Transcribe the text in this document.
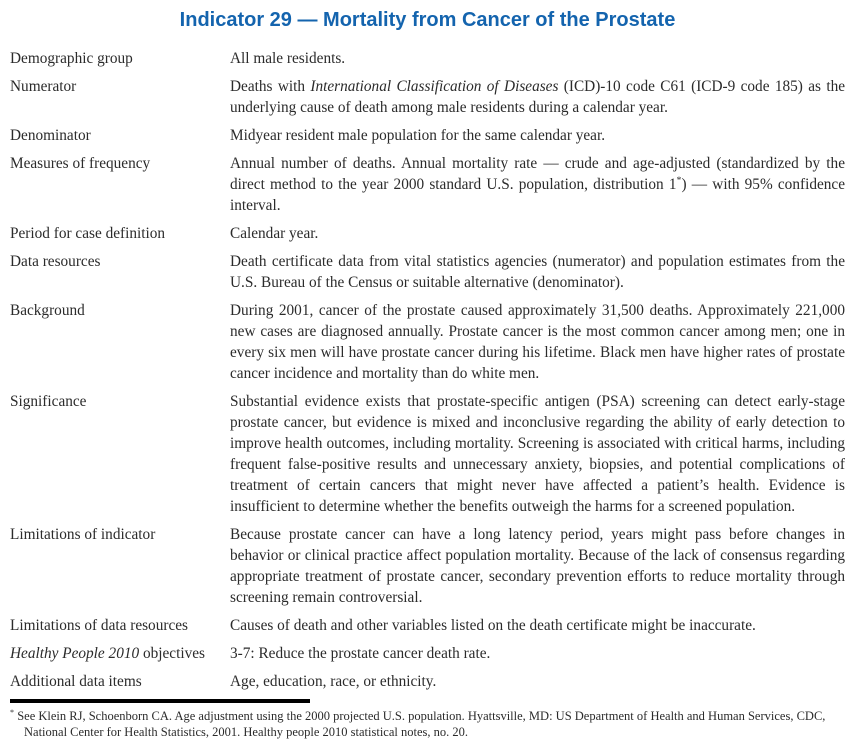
Indicator 29 — Mortality from Cancer of the Prostate
Demographic group	All male residents.
Numerator	Deaths with International Classification of Diseases (ICD)-10 code C61 (ICD-9 code 185) as the underlying cause of death among male residents during a calendar year.
Denominator	Midyear resident male population for the same calendar year.
Measures of frequency	Annual number of deaths. Annual mortality rate — crude and age-adjusted (standardized by the direct method to the year 2000 standard U.S. population, distribution 1*) — with 95% confidence interval.
Period for case definition	Calendar year.
Data resources	Death certificate data from vital statistics agencies (numerator) and population estimates from the U.S. Bureau of the Census or suitable alternative (denominator).
Background	During 2001, cancer of the prostate caused approximately 31,500 deaths. Approximately 221,000 new cases are diagnosed annually. Prostate cancer is the most common cancer among men; one in every six men will have prostate cancer during his lifetime. Black men have higher rates of prostate cancer incidence and mortality than do white men.
Significance	Substantial evidence exists that prostate-specific antigen (PSA) screening can detect early-stage prostate cancer, but evidence is mixed and inconclusive regarding the ability of early detection to improve health outcomes, including mortality. Screening is associated with critical harms, including frequent false-positive results and unnecessary anxiety, biopsies, and potential complications of treatment of certain cancers that might never have affected a patient’s health. Evidence is insufficient to determine whether the benefits outweigh the harms for a screened population.
Limitations of indicator	Because prostate cancer can have a long latency period, years might pass before changes in behavior or clinical practice affect population mortality. Because of the lack of consensus regarding appropriate treatment of prostate cancer, secondary prevention efforts to reduce mortality through screening remain controversial.
Limitations of data resources	Causes of death and other variables listed on the death certificate might be inaccurate.
Healthy People 2010 objectives	3-7: Reduce the prostate cancer death rate.
Additional data items	Age, education, race, or ethnicity.

* See Klein RJ, Schoenborn CA. Age adjustment using the 2000 projected U.S. population. Hyattsville, MD: US Department of Health and Human Services, CDC, National Center for Health Statistics, 2001. Healthy people 2010 statistical notes, no. 20.
